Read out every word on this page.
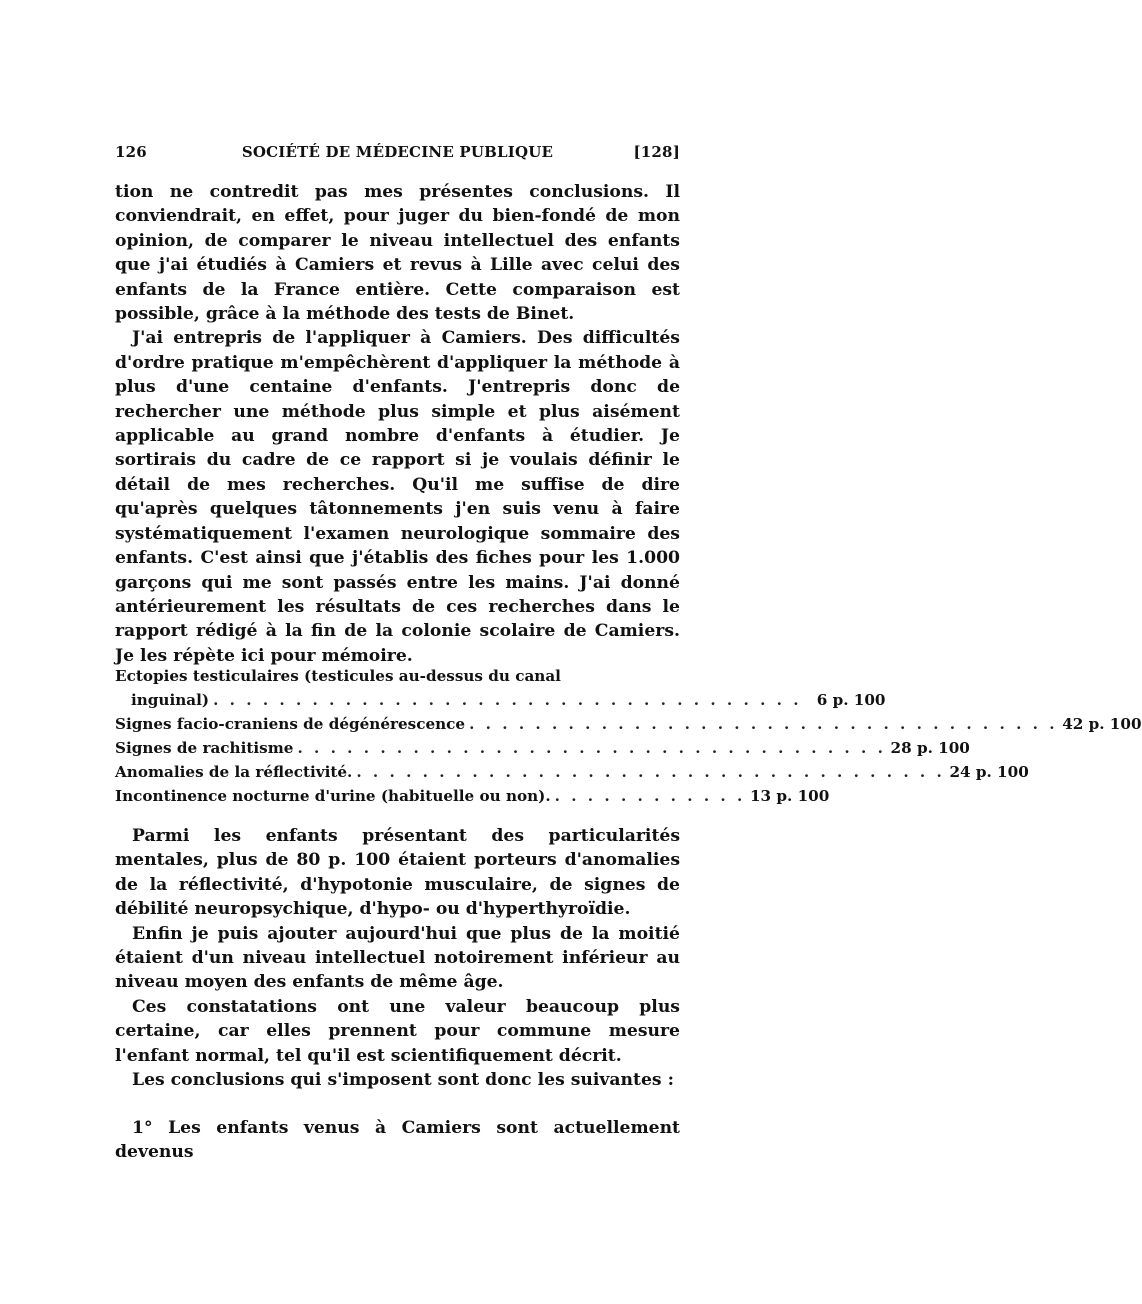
126	SOCIÉTÉ DE MÉDECINE PUBLIQUE	[128]

tion ne contredit pas mes présentes conclusions. Il conviendrait, en effet, pour juger du bien-fondé de mon opinion, de comparer le niveau intellectuel des enfants que j'ai étudiés à Camiers et revus à Lille avec celui des enfants de la France entière. Cette comparaison est possible, grâce à la méthode des tests de Binet.

J'ai entrepris de l'appliquer à Camiers. Des difficultés d'ordre pratique m'empêchèrent d'appliquer la méthode à plus d'une centaine d'enfants. J'entrepris donc de rechercher une méthode plus simple et plus aisément applicable au grand nombre d'enfants à étudier. Je sortirais du cadre de ce rapport si je voulais définir le détail de mes recherches. Qu'il me suffise de dire qu'après quelques tâtonnements j'en suis venu à faire systématiquement l'examen neurologique sommaire des enfants. C'est ainsi que j'établis des fiches pour les 1.000 garçons qui me sont passés entre les mains. J'ai donné antérieurement les résultats de ces recherches dans le rapport rédigé à la fin de la colonie scolaire de Camiers. Je les répète ici pour mémoire.

Ectopies testiculaires (testicules au-dessus du canal
inguinal) . . . . . . . . . . . . . . . . . . . . . . . . . . . . . . . . . . . .	6 p. 100
Signes facio-craniens de dégénérescence . . . . . . . . . . . . . . . . . . . . . . . . . . . . . . . . . . . . 42 p. 100
Signes de rachitisme . . . . . . . . . . . . . . . . . . . . . . . . . . . . . . . . . . . . 28 p. 100
Anomalies de la réflectivité. . . . . . . . . . . . . . . . . . . . . . . . . . . . . . . . . . . . . 24 p. 100
Incontinence nocturne d'urine (habituelle ou non). . . . . . . . . . . . . 13 p. 100

Parmi les enfants présentant des particularités mentales, plus de 80 p. 100 étaient porteurs d'anomalies de la réflectivité, d'hypotonie musculaire, de signes de débilité neuropsychique, d'hypo- ou d'hyperthyroïdie.

Enfin je puis ajouter aujourd'hui que plus de la moitié étaient d'un niveau intellectuel notoirement inférieur au niveau moyen des enfants de même âge.

Ces constatations ont une valeur beaucoup plus certaine, car elles prennent pour commune mesure l'enfant normal, tel qu'il est scientifiquement décrit.

Les conclusions qui s'imposent sont donc les suivantes :

1° Les enfants venus à Camiers sont actuellement devenus
